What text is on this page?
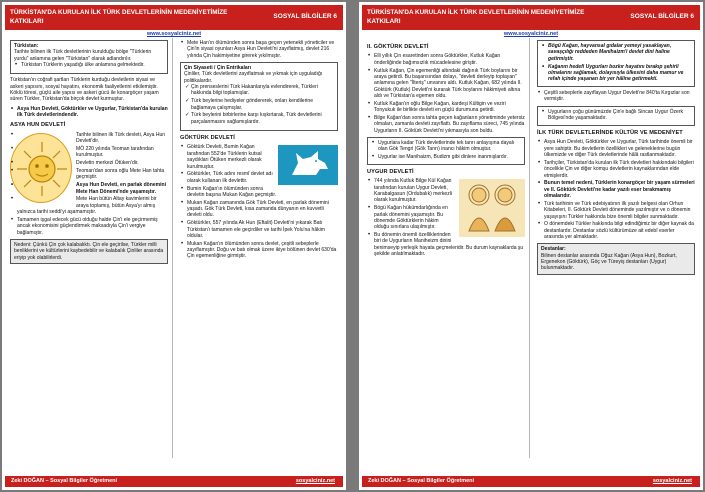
TÜRKİSTAN'DA KURULAN İLK TÜRK DEVLETLERİNİN MEDENİYETİMİZE KATKILARI
SOSYAL BİLGİLER 6
www.sosyalciniz.net
Türkistan:
Tarihte bilinen ilk Türk devletlerinin kurulduğu bölge "Türklerin yurdu" anlamına gelen "Türkistan" olarak adlandırılır.
• Türkistan Türklerin yaşadığı ülke anlamına gelmektedir.

Türkistan'ın coğrafi şartları Türklerin kurduğu devletlerin siyasi ve askeri yapısını, sosyal hayatını, ekonomik faaliyetlerini etkilemiştir. Köklü töresi, güçlü aile yapısı ve askeri gücü ile konargöçer yaşam süren Türkler, Türkistan'da birçok devlet kurmuştur.

• Asya Hun Devleti, Göktürkler ve Uygurlar, Türkistan'da kurulan ilk Türk devletlerindendir.
ASYA HUN DEVLETİ
• Tarihte bilinen ilk Türk devleti, Asya Hun Devleti'dir.
• MÖ 220 yılında Teoman tarafından kurulmuştur.
• Devletin merkezi Ötüken'dir.
• Teoman'dan sonra oğlu Mete Han tahta geçmiştir.
• Asya Hun Devleti, en parlak dönemini Mete Han Dönemi'nde yaşamıştır.
• Mete Han bütün Altay kavimlerini bir araya toplamış, bütün Asya'yı almış yalnızca tarihi seddi'yi aşamamıştır.
• Tamamen işgal edecek gücü olduğu halde Çin'i ele geçirmemiş ancak ekonomisini güçlendirmek maksadıyla Çin'i vergiye bağlamıştır.
Nedeni: Çünkü Çin çok kalabalıktı. Çin ele geçirilse, Türkler milli benliklerini ve kültürlerini kaybedebilir ve kalabalık Çinliler arasında eriyip yok olabilirlerdi.
• Mete Han'ın ölümünden sonra başa geçen yetenekli yöneticiler ve Çin'in siyasi oyunları Asya Hun Devleti'ni zayıflatmış, devlet 216 yılında Çin hakimiyetine girerek yıkılmıştır.
Çin Siyaseti / Çin Entrikaları
Çinliler, Türk devletlerini zayıflatmak ve yıkmak için uyguladığı politikalardır.
✓ Çin prenseslerini Türk Hakanlarıyla evlendirerek, Türkleri hakkında bilgi toplamışlar.
✓ Türk beylerine hediyeler göndererek, onları kendilerine bağlamaya çalışmışlar.
✓ Türk beylerini birbirlerine karşı kışkırtarak, Türk devletlerini parçalanmasını sağlamışlardır.
GÖKTÜRK DEVLETİ
• Göktürk Devleti, Bumin Kağan tarafından 552'de Türklerin kutsal saydıkları Ötüken merkezli olarak kurulmuştur.
• Göktürkler, Türk adını resmî devlet adı olarak kullanan ilk devlettir.
• Bumin Kağan'ın ölümünden sonra devletin başına Mukan Kağan geçmiştir.
• Mukan Kağan zamanında Gök Türk Devleti, en parlak dönemini yaşadı. Gök Türk Devleti, kısa zamanda dünyanın en kuvvetli devleti oldu.
• Göktürkler, 557 yılında Ak Hun (Eftalit) Devleti'ni yıkarak Batı Türkistan'ı tamamen ele geçirdiler ve tarihi İpek Yolu'na hâkim oldular.
• Mukan Kağan'ın ölümünden sonra devlet, çeşitli sebeplerle zayıflamıştır. Doğu ve batı olmak üzere ikiye bölünen devlet 630'da Çin egemenliğine girmiştir.
Zeki DOĞAN – Sosyal Bilgiler Öğretmeni	sosyalciniz.net
TÜRKİSTAN'DA KURULAN İLK TÜRK DEVLETLERİNİN MEDENİYETİMİZE KATKILARI
SOSYAL BİLGİLER 6
www.sosyalciniz.net
II. GÖKTÜRK DEVLETİ
• Elli yıllık Çin esaretinden sonra Göktürkler, Kutluk Kağan önderliğinde bağımsızlık mücadelesine giriştir.
• Kutluk Kağan, Çin egemenliği altındaki dağınık Türk boylarını bir araya getirdi. Bu başarısından dolayı, "devleti derleyip toplayan" anlamına gelen "İlteriş" unvanını aldı. Kutluk Kağan, 682 yılında II. Göktürk (Kutluk) Devleti'ni kurarak Türk boylarını hâkimiyeti altına aldı ve Türkistan'a egemen oldu.
• Kutluk Kağan'ın oğlu Bilge Kağan, kardeşi Kültigin ve veziri Tonyukuk ile birlikte devleti en güçlü durumuna getirdi.
• Bilge Kağan'dan sonra tahta geçen kağanların yönetiminde yetersiz olmaları, zamanla devleti zayıflattı. Bu zayıflama süreci, 745 yılında Uygurların II. Göktürk Devleti'ni yıkmasıyla son buldu.
• Uygurlara kadar Türk devletlerinde tek tanrı anlayışına dayalı olan Gök Tengri (Gök Tanrı) inancı hâkim olmuştur.
• Uygurlar ise Manihaizm, Budizm gibi dinlere inanmışlardır.
UYGUR DEVLETİ
• 744 yılında Kutluk Bilge Kül Kağan tarafından kurulan Uygur Devleti, Karabalgasun (Ordubalık) merkezli olarak kurulmuştur.
• Bögü Kağan hükümdarlığında en parlak dönemini yaşamıştır. Bu dönemde Göktürklerin hâkim olduğu sınırlara ulaşılmıştır.
• Bu dönemin önemli özelliklerinden biri de Uygurların Maniheizm dinini benimseyip yerleşik hayata geçmeleridir. Bu durum kaynaklarda şu şekilde anlatılmaktadır.
• Bögü Kağan, hayvansal gıdalar yemeyi yasaklayan, savaşçılığı reddeden Manihaizm'i devlet dini haline getirmiştir.
• Kağanın hedefi Uygurları bozkır hayatını bırakıp şehirli olmalarını sağlamak, dolayısıyla ülkesini daha mamur ve refah içinde yaşanan bir yer hâline getirmekti.
• Çeşitli sebeplerle zayıflayan Uygur Devleti'ne 840'ta Kırgızlar son vermiştir.
• Uygurların çoğu günümüzde Çin'e bağlı Sincan Uygur Özerk Bölgesi'nde yaşamaktadır.
İLK TÜRK DEVLETLERİNDE KÜLTÜR VE MEDENİYET
• Asya Hun Devleti, Göktürkler ve Uygurlar, Türk tarihinde önemli bir yere sahiptir. Bu devletlerin özellikleri ve geleneklerine bugün ülkemizde ve diğer Türk devletlerinde hâlâ rastlanmaktadır.
• Tarihçiler, Türkistan'da kurulan ilk Türk devletleri hakkındaki bilgileri öncelikle Çin ve diğer komşu devletlerin kaynaklarından elde etmişlerdir.
• Bunun temel nedeni, Türklerin konargöçer bir yaşam sürmeleri ve II. Göktürk Devleti'ne kadar yazılı eser bırakmamış olmalarıdır.
• Türk tarihinin ve Türk edebiyatının ilk yazılı belgesi olan Orhun Kitabeleri, II. Göktürk Devleti döneminde yazılmıştır ve o dönemin yaşayışını Türkler hakkında bize önemli bilgiler sunmaktadır.
• O dönemdeki Türkler hakkında bilgi edindiğimiz bir diğer kaynak da destanlardır. Destanlar sözlü kültürümüze ait edebî eserler arasında yer almaktadır.
Destanlar:
Bilinen destanlar arasında Oğuz Kağan (Asya Hun), Bozkurt, Ergenekon (Göktürk), Göç ve Türeyiş destanları (Uygur) bulunmaktadır.
Zeki DOĞAN – Sosyal Bilgiler Öğretmeni	sosyalciniz.net
